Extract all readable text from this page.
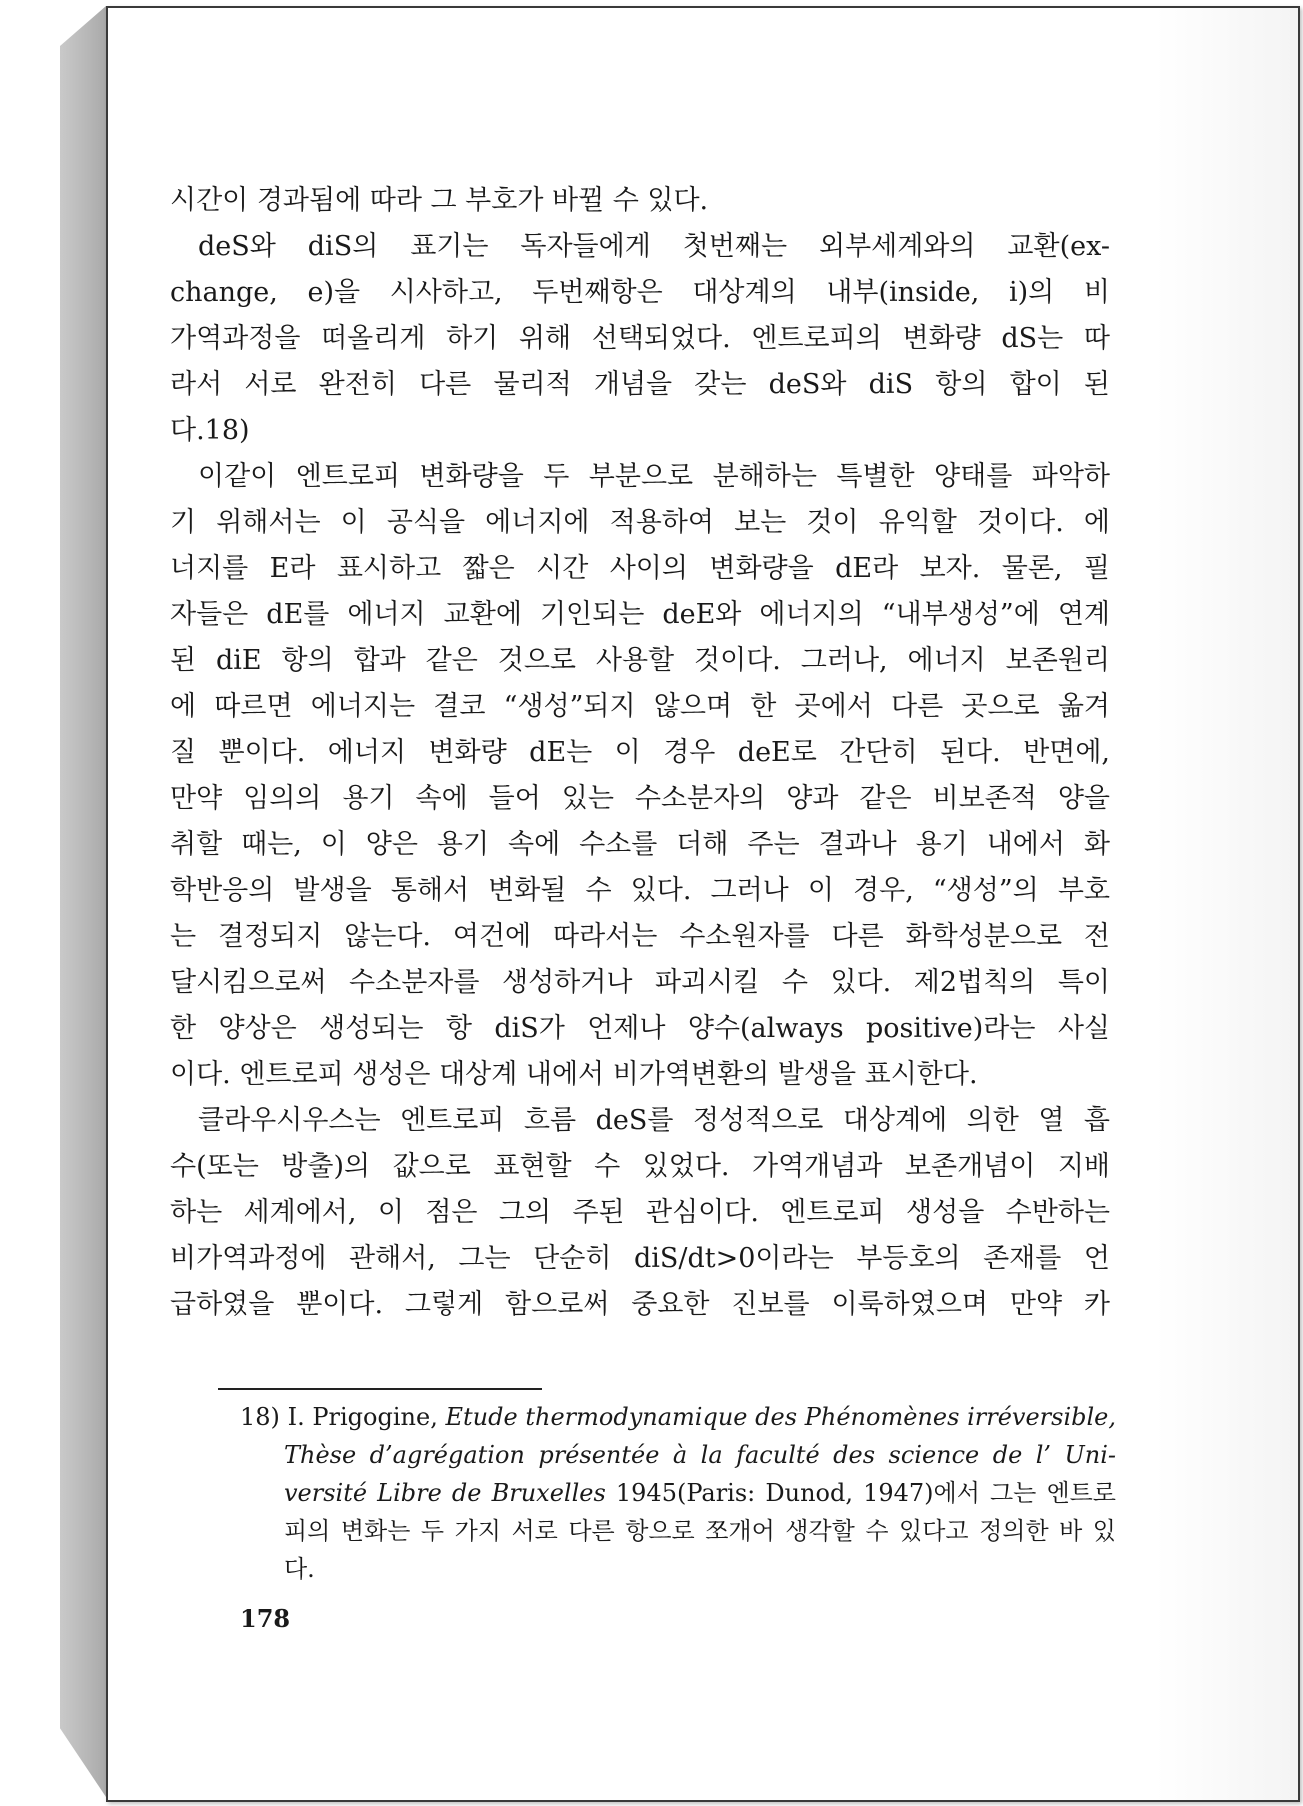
시간이 경과됨에 따라 그 부호가 바뀔 수 있다.
deS와 diS의 표기는 독자들에게 첫번째는 외부세계와의 교환(ex-
change, e)을 시사하고, 두번째항은 대상계의 내부(inside, i)의 비
가역과정을 떠올리게 하기 위해 선택되었다. 엔트로피의 변화량 dS는 따
라서 서로 완전히 다른 물리적 개념을 갖는 deS와 diS 항의 합이 된
다.18)
이같이 엔트로피 변화량을 두 부분으로 분해하는 특별한 양태를 파악하
기 위해서는 이 공식을 에너지에 적용하여 보는 것이 유익할 것이다. 에
너지를 E라 표시하고 짧은 시간 사이의 변화량을 dE라 보자. 물론, 필
자들은 dE를 에너지 교환에 기인되는 deE와 에너지의 “내부생성”에 연계
된 diE 항의 합과 같은 것으로 사용할 것이다. 그러나, 에너지 보존원리
에 따르면 에너지는 결코 “생성”되지 않으며 한 곳에서 다른 곳으로 옮겨
질 뿐이다. 에너지 변화량 dE는 이 경우 deE로 간단히 된다. 반면에,
만약 임의의 용기 속에 들어 있는 수소분자의 양과 같은 비보존적 양을
취할 때는, 이 양은 용기 속에 수소를 더해 주는 결과나 용기 내에서 화
학반응의 발생을 통해서 변화될 수 있다. 그러나 이 경우, “생성”의 부호
는 결정되지 않는다. 여건에 따라서는 수소원자를 다른 화학성분으로 전
달시킴으로써 수소분자를 생성하거나 파괴시킬 수 있다. 제2법칙의 특이
한 양상은 생성되는 항 diS가 언제나 양수(always positive)라는 사실
이다. 엔트로피 생성은 대상계 내에서 비가역변환의 발생을 표시한다.
클라우시우스는 엔트로피 흐름 deS를 정성적으로 대상계에 의한 열 흡
수(또는 방출)의 값으로 표현할 수 있었다. 가역개념과 보존개념이 지배
하는 세계에서, 이 점은 그의 주된 관심이다. 엔트로피 생성을 수반하는
비가역과정에 관해서, 그는 단순히 diS/dt>0이라는 부등호의 존재를 언
급하였을 뿐이다. 그렇게 함으로써 중요한 진보를 이룩하였으며 만약 카
18) I. Prigogine, Etude thermodynamique des Phénomènes irréversible,
Thèse d’agrégation présentée à la faculté des science de l’ Uni-
versité Libre de Bruxelles 1945(Paris: Dunod, 1947)에서 그는 엔트로
피의 변화는 두 가지 서로 다른 항으로 쪼개어 생각할 수 있다고 정의한 바 있
다.
178
